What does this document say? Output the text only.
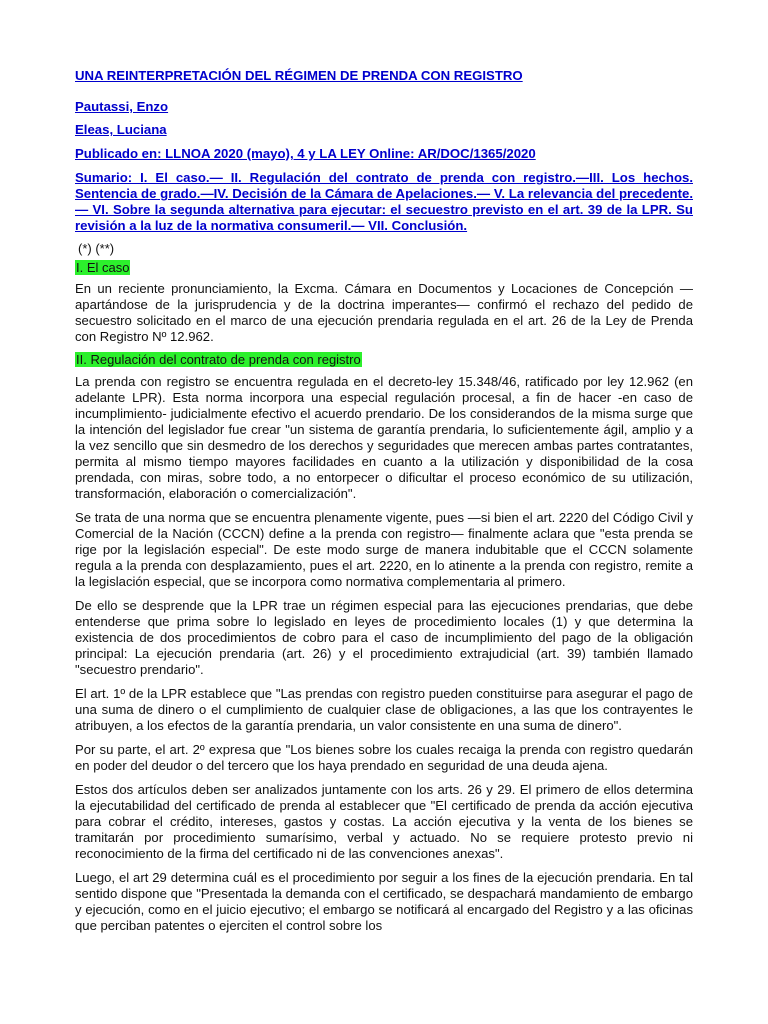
UNA REINTERPRETACIÓN DEL RÉGIMEN DE PRENDA CON REGISTRO

Pautassi, Enzo

Eleas, Luciana

Publicado en: LLNOA 2020 (mayo), 4 y LA LEY Online: AR/DOC/1365/2020

Sumario: I. El caso.— II. Regulación del contrato de prenda con registro.—III. Los hechos. Sentencia de grado.—IV. Decisión de la Cámara de Apelaciones.— V. La relevancia del precedente.— VI. Sobre la segunda alternativa para ejecutar: el secuestro previsto en el art. 39 de la LPR. Su revisión a la luz de la normativa consumeril.— VII. Conclusión.

(*) (**)

I. El caso

En un reciente pronunciamiento, la Excma. Cámara en Documentos y Locaciones de Concepción —apartándose de la jurisprudencia y de la doctrina imperantes— confirmó el rechazo del pedido de secuestro solicitado en el marco de una ejecución prendaria regulada en el art. 26 de la Ley de Prenda con Registro Nº 12.962.

II. Regulación del contrato de prenda con registro

La prenda con registro se encuentra regulada en el decreto-ley 15.348/46, ratificado por ley 12.962 (en adelante LPR). Esta norma incorpora una especial regulación procesal, a fin de hacer -en caso de incumplimiento- judicialmente efectivo el acuerdo prendario. De los considerandos de la misma surge que la intención del legislador fue crear "un sistema de garantía prendaria, lo suficientemente ágil, amplio y a la vez sencillo que sin desmedro de los derechos y seguridades que merecen ambas partes contratantes, permita al mismo tiempo mayores facilidades en cuanto a la utilización y disponibilidad de la cosa prendada, con miras, sobre todo, a no entorpecer o dificultar el proceso económico de su utilización, transformación, elaboración o comercialización".

Se trata de una norma que se encuentra plenamente vigente, pues —si bien el art. 2220 del Código Civil y Comercial de la Nación (CCCN) define a la prenda con registro— finalmente aclara que "esta prenda se rige por la legislación especial". De este modo surge de manera indubitable que el CCCN solamente regula a la prenda con desplazamiento, pues el art. 2220, en lo atinente a la prenda con registro, remite a la legislación especial, que se incorpora como normativa complementaria al primero.

De ello se desprende que la LPR trae un régimen especial para las ejecuciones prendarias, que debe entenderse que prima sobre lo legislado en leyes de procedimiento locales (1) y que determina la existencia de dos procedimientos de cobro para el caso de incumplimiento del pago de la obligación principal: La ejecución prendaria (art. 26) y el procedimiento extrajudicial (art. 39) también llamado "secuestro prendario".

El art. 1º de la LPR establece que "Las prendas con registro pueden constituirse para asegurar el pago de una suma de dinero o el cumplimiento de cualquier clase de obligaciones, a las que los contrayentes le atribuyen, a los efectos de la garantía prendaria, un valor consistente en una suma de dinero".

Por su parte, el art. 2º expresa que "Los bienes sobre los cuales recaiga la prenda con registro quedarán en poder del deudor o del tercero que los haya prendado en seguridad de una deuda ajena.

Estos dos artículos deben ser analizados juntamente con los arts. 26 y 29. El primero de ellos determina la ejecutabilidad del certificado de prenda al establecer que "El certificado de prenda da acción ejecutiva para cobrar el crédito, intereses, gastos y costas. La acción ejecutiva y la venta de los bienes se tramitarán por procedimiento sumarísimo, verbal y actuado. No se requiere protesto previo ni reconocimiento de la firma del certificado ni de las convenciones anexas".

Luego, el art 29 determina cuál es el procedimiento por seguir a los fines de la ejecución prendaria. En tal sentido dispone que "Presentada la demanda con el certificado, se despachará mandamiento de embargo y ejecución, como en el juicio ejecutivo; el embargo se notificará al encargado del Registro y a las oficinas que perciban patentes o ejerciten el control sobre los
